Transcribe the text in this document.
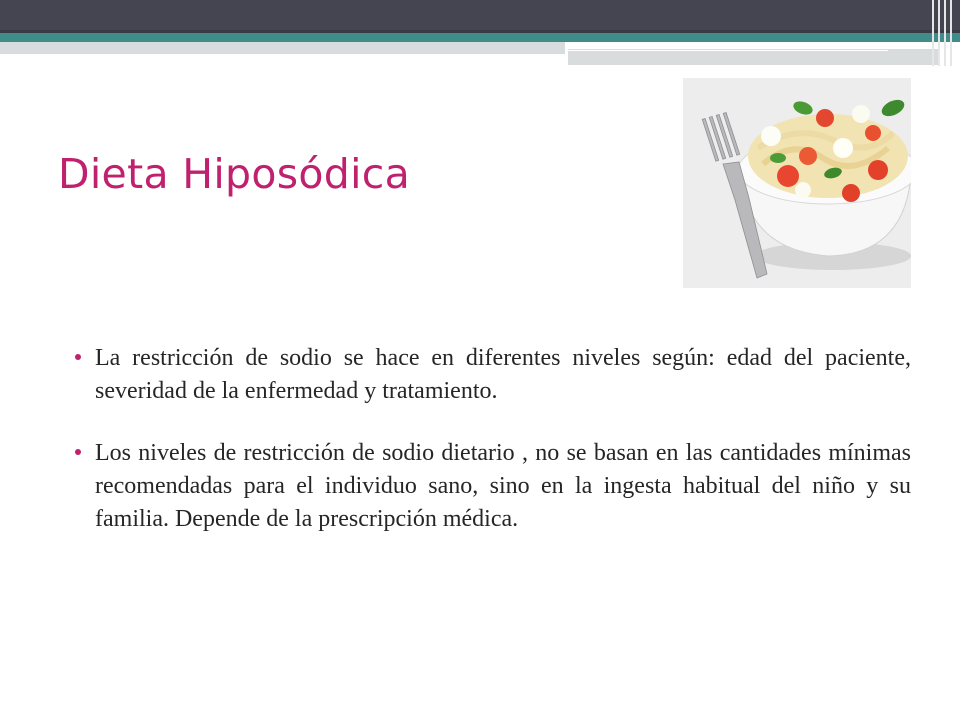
Dieta Hiposódica
La restricción de sodio se hace en diferentes niveles según: edad del paciente, severidad de la enfermedad y tratamiento.
Los niveles de restricción de sodio dietario , no se basan en las cantidades mínimas recomendadas para el individuo sano, sino en la ingesta habitual del niño y su familia. Depende de la prescripción médica.
